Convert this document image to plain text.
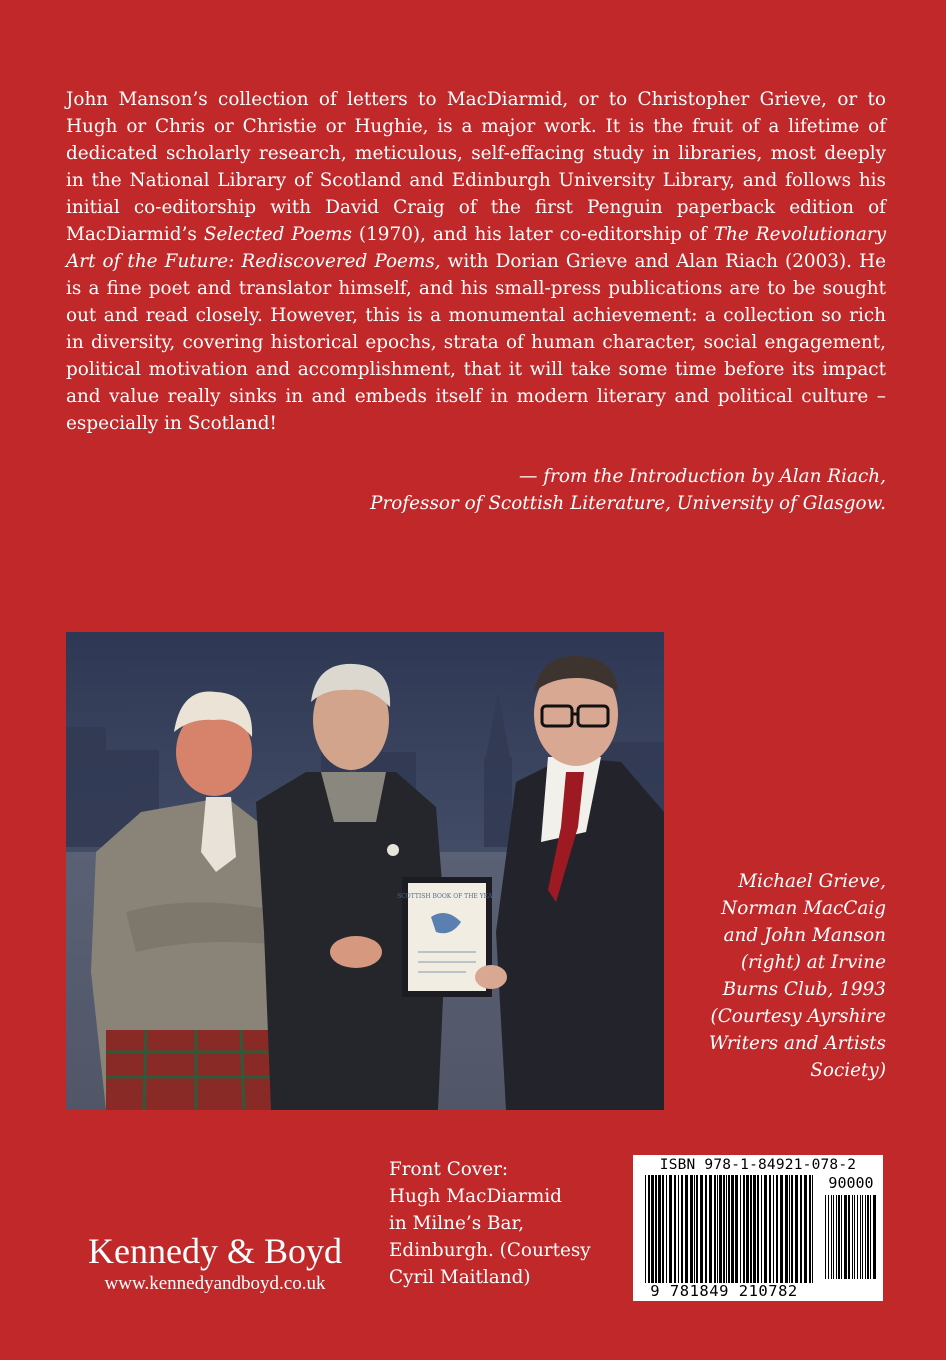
John Manson’s collection of letters to MacDiarmid, or to Christopher Grieve, or to Hugh or Chris or Christie or Hughie, is a major work. It is the fruit of a lifetime of dedicated scholarly research, meticulous, self-effacing study in libraries, most deeply in the National Library of Scotland and Edinburgh University Library, and follows his initial co-editorship with David Craig of the first Penguin paperback edition of MacDiarmid’s Selected Poems (1970), and his later co-editorship of The Revolutionary Art of the Future: Rediscovered Poems, with Dorian Grieve and Alan Riach (2003). He is a fine poet and translator himself, and his small-press publications are to be sought out and read closely. However, this is a monumental achievement: a collection so rich in diversity, covering historical epochs, strata of human character, social engagement, political motivation and accomplishment, that it will take some time before its impact and value really sinks in and embeds itself in modern literary and political culture – especially in Scotland!
— from the Introduction by Alan Riach,
Professor of Scottish Literature, University of Glasgow.
SCOTTISH BOOK OF THE YEAR
Michael Grieve,
Norman MacCaig
and John Manson
(right) at Irvine
Burns Club, 1993
(Courtesy Ayrshire
Writers and Artists
Society)
Front Cover:
Hugh MacDiarmid
in Milne’s Bar,
Edinburgh. (Courtesy
Cyril Maitland)
Kennedy & Boyd
www.kennedyandboyd.co.uk
ISBN 978-1-84921-078-2
90000
9 781849 210782
